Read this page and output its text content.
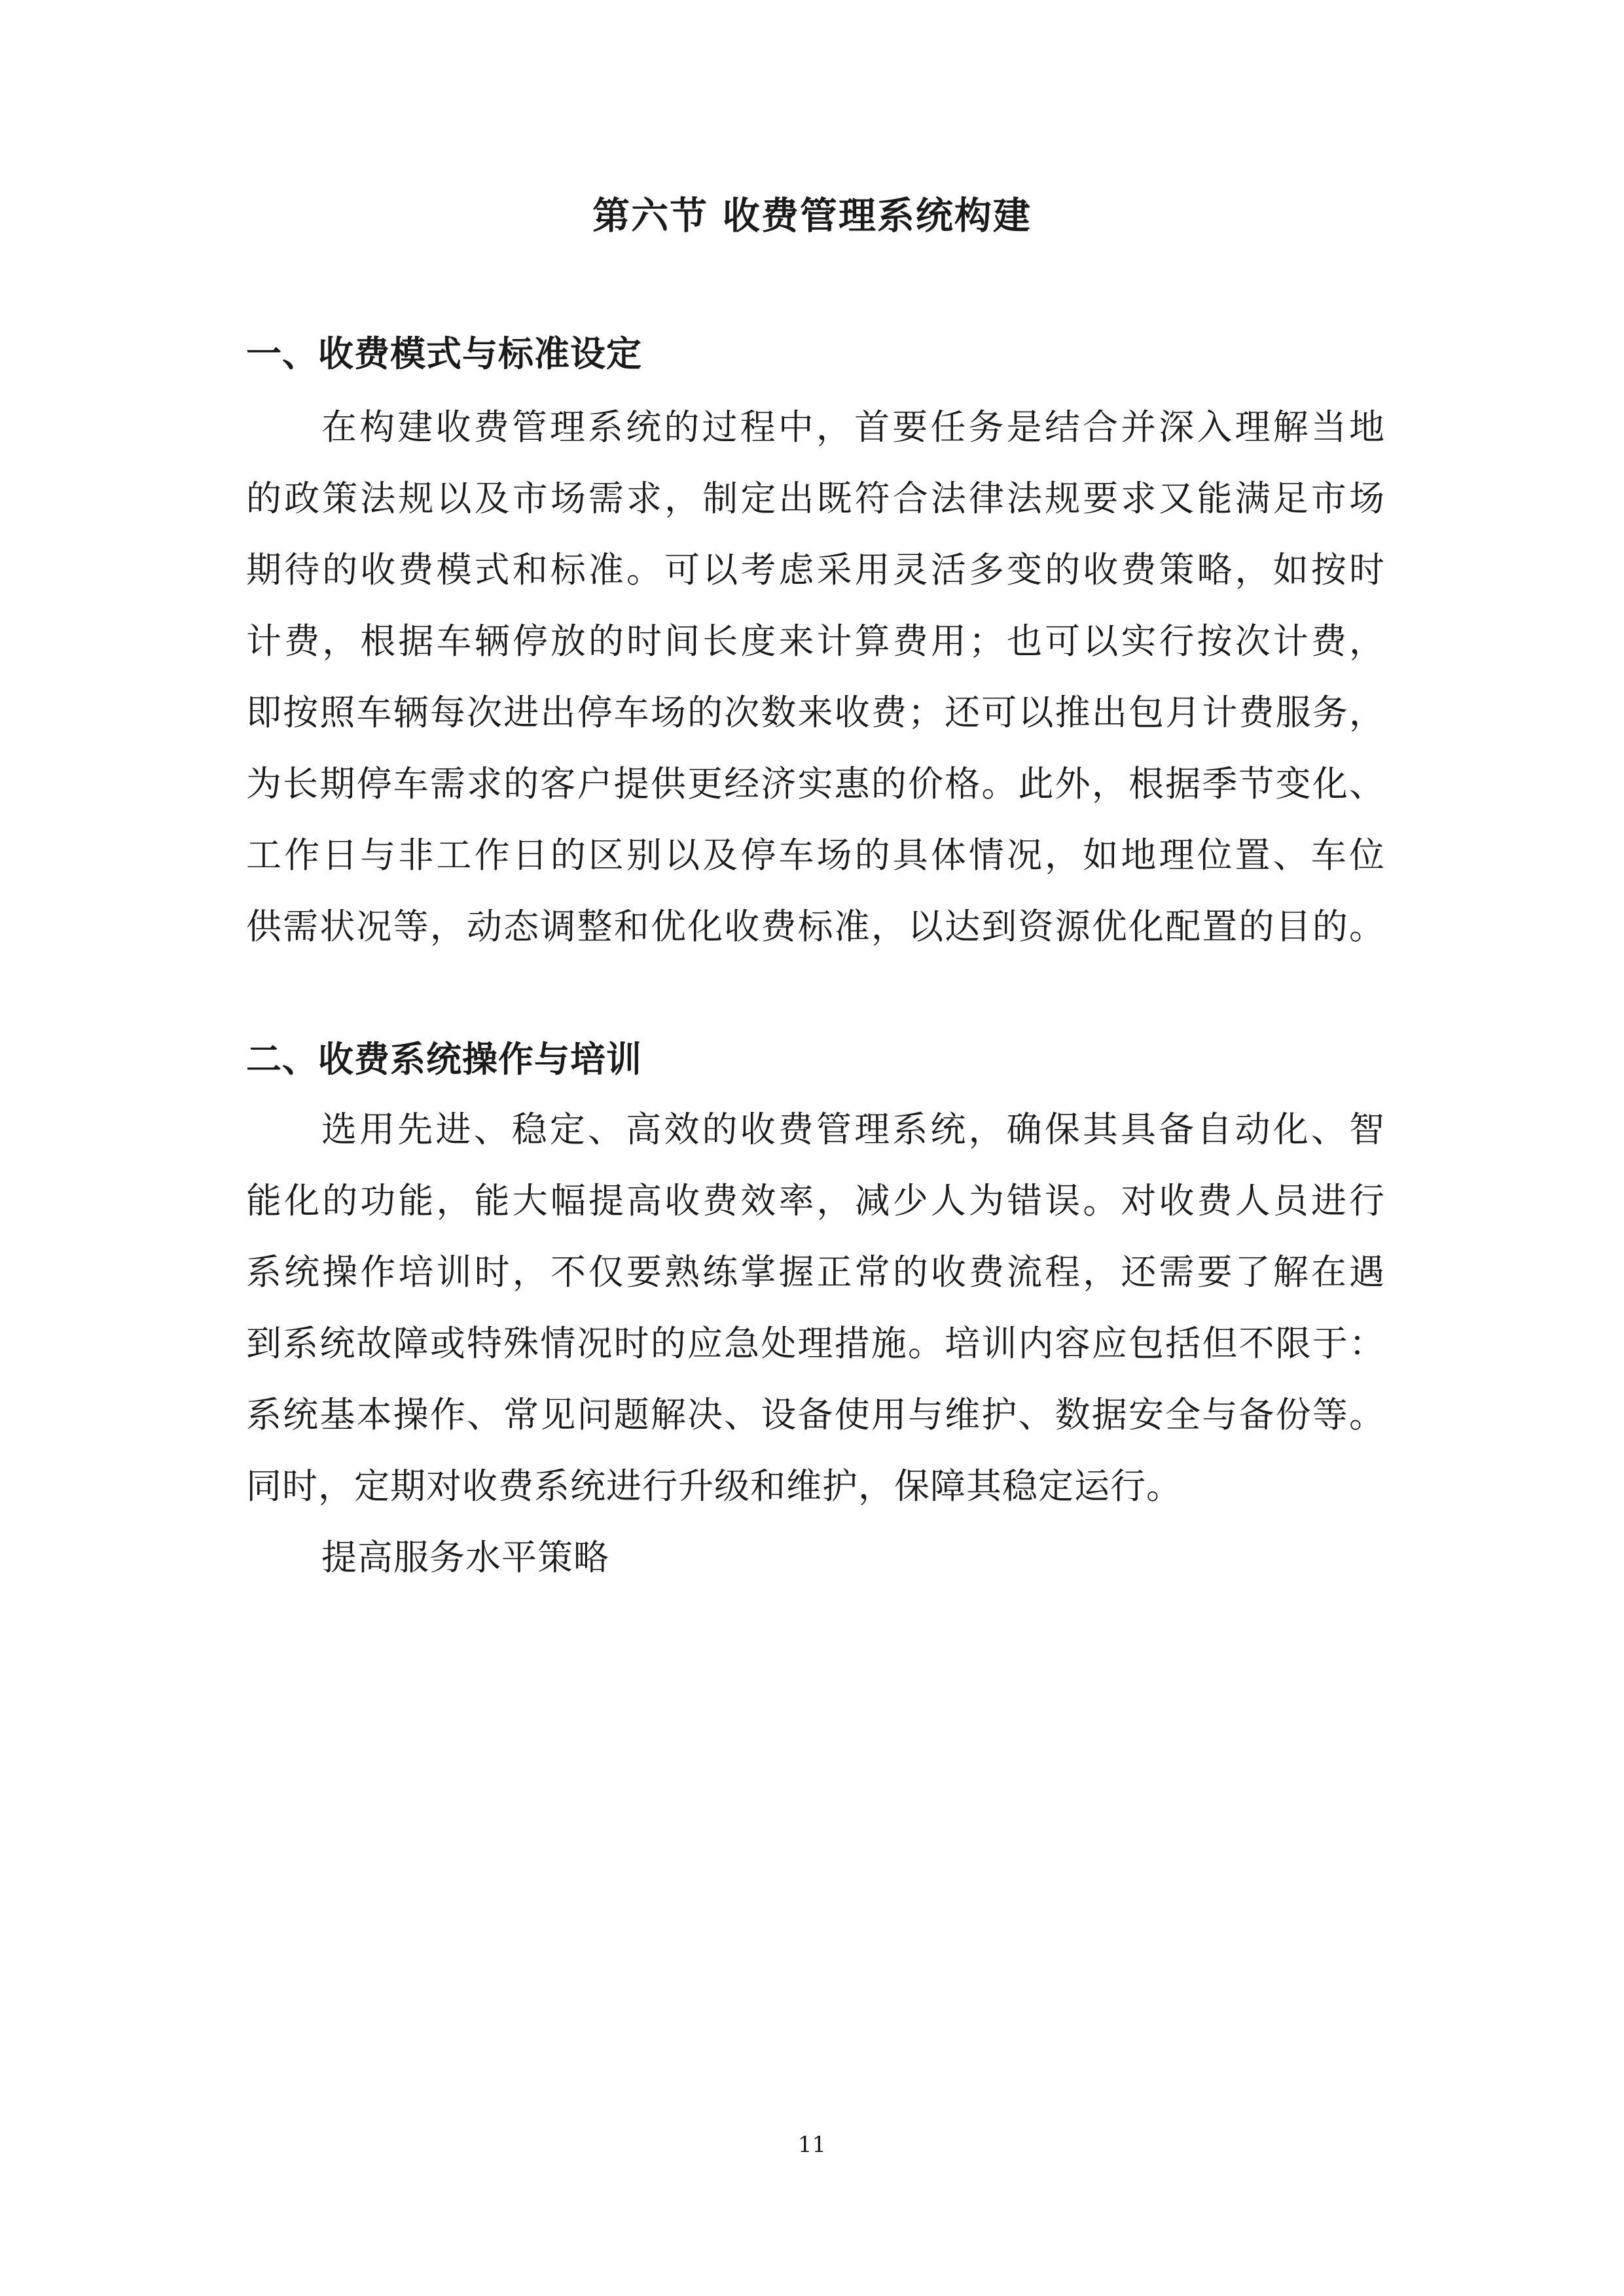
第六节 收费管理系统构建
一、收费模式与标准设定
在构建收费管理系统的过程中，首要任务是结合并深入理解当地
的政策法规以及市场需求，制定出既符合法律法规要求又能满足市场
期待的收费模式和标准。可以考虑采用灵活多变的收费策略，如按时
计费，根据车辆停放的时间长度来计算费用；也可以实行按次计费，
即按照车辆每次进出停车场的次数来收费；还可以推出包月计费服务，
为长期停车需求的客户提供更经济实惠的价格。此外，根据季节变化、
工作日与非工作日的区别以及停车场的具体情况，如地理位置、车位
供需状况等，动态调整和优化收费标准，以达到资源优化配置的目的。
二、收费系统操作与培训
选用先进、稳定、高效的收费管理系统，确保其具备自动化、智
能化的功能，能大幅提高收费效率，减少人为错误。对收费人员进行
系统操作培训时，不仅要熟练掌握正常的收费流程，还需要了解在遇
到系统故障或特殊情况时的应急处理措施。培训内容应包括但不限于：
系统基本操作、常见问题解决、设备使用与维护、数据安全与备份等。
同时，定期对收费系统进行升级和维护，保障其稳定运行。
提高服务水平策略

11
